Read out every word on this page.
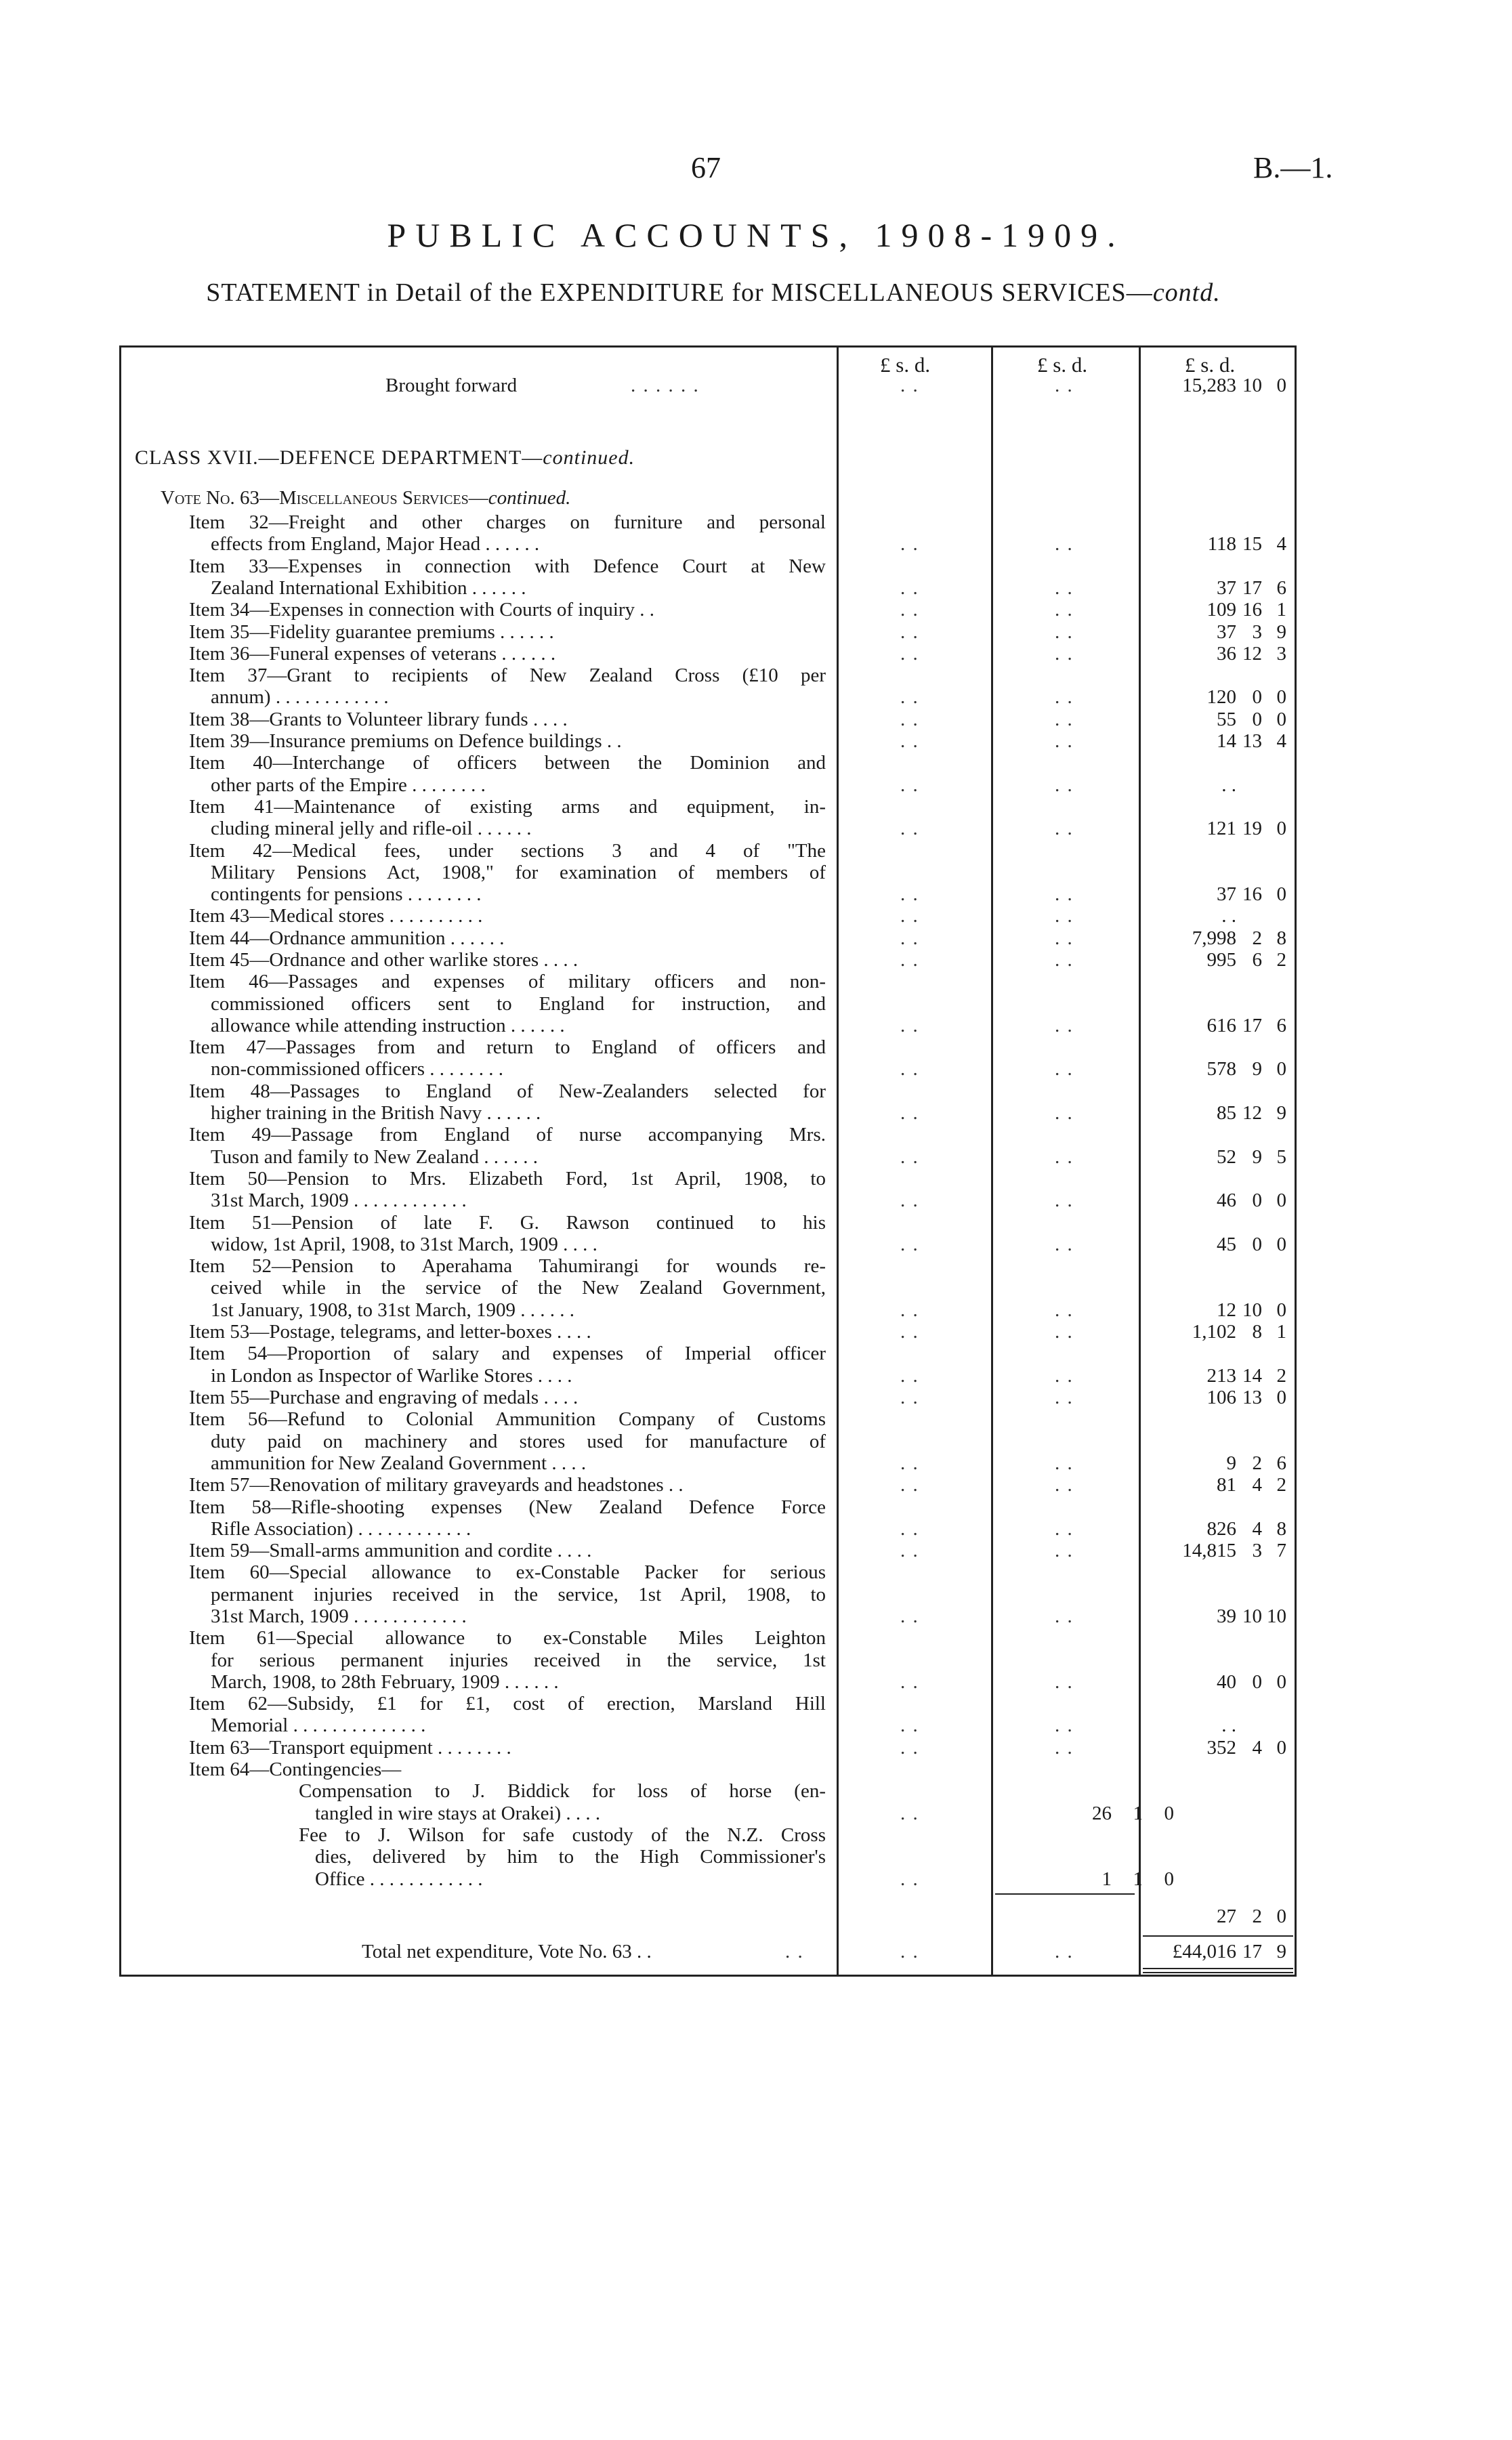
67	B.—1.
PUBLIC ACCOUNTS, 1908-1909.
STATEMENT in Detail of the EXPENDITURE for MISCELLANEOUS SERVICES—contd.
£ s. d.	£ s. d.	£ s. d.
Brought forward	. . . . . .	. .	. .	15,283 10 0
CLASS XVII.—DEFENCE DEPARTMENT—continued.
Vote No. 63—Miscellaneous Services—continued.
Item 32—Freight and other charges on furniture and personal
effects from England, Major Head . . . . . .	. .	. .	118 15 4
Item 33—Expenses in connection with Defence Court at New
Zealand International Exhibition . . . . . .	. .	. .	37 17 6
Item 34—Expenses in connection with Courts of inquiry . .	. .	. .	109 16 1
Item 35—Fidelity guarantee premiums . . . . . .	. .	. .	37 3 9
Item 36—Funeral expenses of veterans . . . . . .	. .	. .	36 12 3
Item 37—Grant to recipients of New Zealand Cross (£10 per
annum) . . . . . . . . . . . .	. .	. .	120 0 0
Item 38—Grants to Volunteer library funds . . . .	. .	. .	55 0 0
Item 39—Insurance premiums on Defence buildings . .	. .	. .	14 13 4
Item 40—Interchange of officers between the Dominion and
other parts of the Empire . . . . . . . .	. .	. .	. .
Item 41—Maintenance of existing arms and equipment, in-
cluding mineral jelly and rifle-oil . . . . . .	. .	. .	121 19 0
Item 42—Medical fees, under sections 3 and 4 of "The
Military Pensions Act, 1908," for examination of members of
contingents for pensions . . . . . . . .	. .	. .	37 16 0
Item 43—Medical stores . . . . . . . . . .	. .	. .	. .
Item 44—Ordnance ammunition . . . . . .	. .	. .	7,998 2 8
Item 45—Ordnance and other warlike stores . . . .	. .	. .	995 6 2
Item 46—Passages and expenses of military officers and non-
commissioned officers sent to England for instruction, and
allowance while attending instruction . . . . . .	. .	. .	616 17 6
Item 47—Passages from and return to England of officers and
non-commissioned officers . . . . . . . .	. .	. .	578 9 0
Item 48—Passages to England of New-Zealanders selected for
higher training in the British Navy . . . . . .	. .	. .	85 12 9
Item 49—Passage from England of nurse accompanying Mrs.
Tuson and family to New Zealand . . . . . .	. .	. .	52 9 5
Item 50—Pension to Mrs. Elizabeth Ford, 1st April, 1908, to
31st March, 1909 . . . . . . . . . . . .	. .	. .	46 0 0
Item 51—Pension of late F. G. Rawson continued to his
widow, 1st April, 1908, to 31st March, 1909 . . . .	. .	. .	45 0 0
Item 52—Pension to Aperahama Tahumirangi for wounds re-
ceived while in the service of the New Zealand Government,
1st January, 1908, to 31st March, 1909 . . . . . .	. .	. .	12 10 0
Item 53—Postage, telegrams, and letter-boxes . . . .	. .	. .	1,102 8 1
Item 54—Proportion of salary and expenses of Imperial officer
in London as Inspector of Warlike Stores . . . .	. .	. .	213 14 2
Item 55—Purchase and engraving of medals . . . .	. .	. .	106 13 0
Item 56—Refund to Colonial Ammunition Company of Customs
duty paid on machinery and stores used for manufacture of
ammunition for New Zealand Government . . . .	. .	. .	9 2 6
Item 57—Renovation of military graveyards and headstones . .	. .	. .	81 4 2
Item 58—Rifle-shooting expenses (New Zealand Defence Force
Rifle Association) . . . . . . . . . . . .	. .	. .	826 4 8
Item 59—Small-arms ammunition and cordite . . . .	. .	. .	14,815 3 7
Item 60—Special allowance to ex-Constable Packer for serious
permanent injuries received in the service, 1st April, 1908, to
31st March, 1909 . . . . . . . . . . . .	. .	. .	39 10 10
Item 61—Special allowance to ex-Constable Miles Leighton
for serious permanent injuries received in the service, 1st
March, 1908, to 28th February, 1909 . . . . . .	. .	. .	40 0 0
Item 62—Subsidy, £1 for £1, cost of erection, Marsland Hill
Memorial . . . . . . . . . . . . . .	. .	. .	. .
Item 63—Transport equipment . . . . . . . .	. .	. .	352 4 0
Item 64—Contingencies—
Compensation to J. Biddick for loss of horse (en-
tangled in wire stays at Orakei) . . . .	. .	26	1	0
Fee to J. Wilson for safe custody of the N.Z. Cross
dies, delivered by him to the High Commissioner's
Office . . . . . . . . . . . .	. .	1	1	0
27 2 0
Total net expenditure, Vote No. 63 . .	. .	. .	. .	£44,016 17 9
